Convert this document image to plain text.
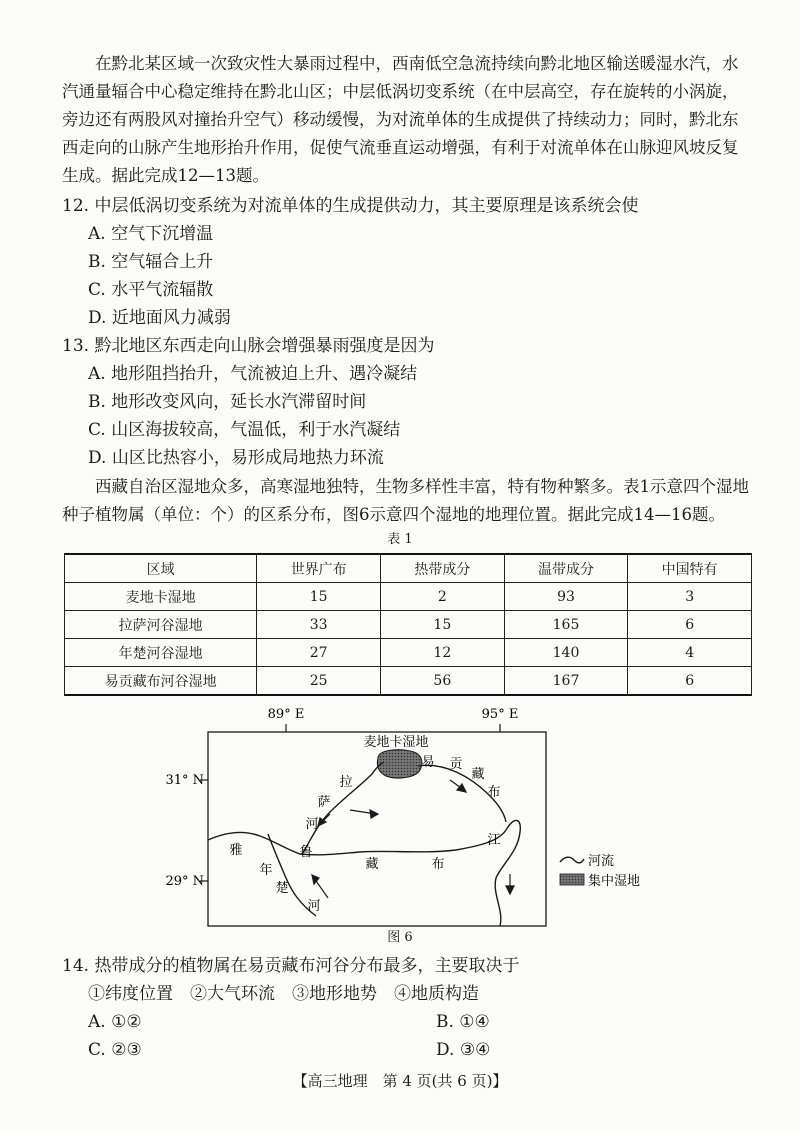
在黔北某区域一次致灾性大暴雨过程中，西南低空急流持续向黔北地区输送暖湿水汽，水汽通量辐合中心稳定维持在黔北山区；中层低涡切变系统（在中层高空，存在旋转的小涡旋，旁边还有两股风对撞抬升空气）移动缓慢，为对流单体的生成提供了持续动力；同时，黔北东西走向的山脉产生地形抬升作用，促使气流垂直运动增强，有利于对流单体在山脉迎风坡反复生成。据此完成12—13题。

12. 中层低涡切变系统为对流单体的生成提供动力，其主要原理是该系统会使
A. 空气下沉增温
B. 空气辐合上升
C. 水平气流辐散
D. 近地面风力减弱
13. 黔北地区东西走向山脉会增强暴雨强度是因为
A. 地形阻挡抬升，气流被迫上升、遇冷凝结
B. 地形改变风向，延长水汽滞留时间
C. 山区海拔较高，气温低，利于水汽凝结
D. 山区比热容小，易形成局地热力环流

西藏自治区湿地众多，高寒湿地独特，生物多样性丰富，特有物种繁多。表1示意四个湿地种子植物属（单位：个）的区系分布，图6示意四个湿地的地理位置。据此完成14—16题。

表 1
区域	世界广布	热带成分	温带成分	中国特有
麦地卡湿地	15	2	93	3
拉萨河谷湿地	33	15	165	6
年楚河谷湿地	27	12	140	4
易贡藏布河谷湿地	25	56	167	6
89° E	95° E
31° N
29° N
麦地卡湿地
拉
萨
河
易 贡
藏
布
雅	鲁
藏	布
江
年
楚
河
河流
集中湿地
图 6
14. 热带成分的植物属在易贡藏布河谷分布最多，主要取决于
①纬度位置　②大气环流　③地形地势　④地质构造
A. ①②	B. ①④
C. ②③	D. ③④
【高三地理　第 4 页(共 6 页)】
